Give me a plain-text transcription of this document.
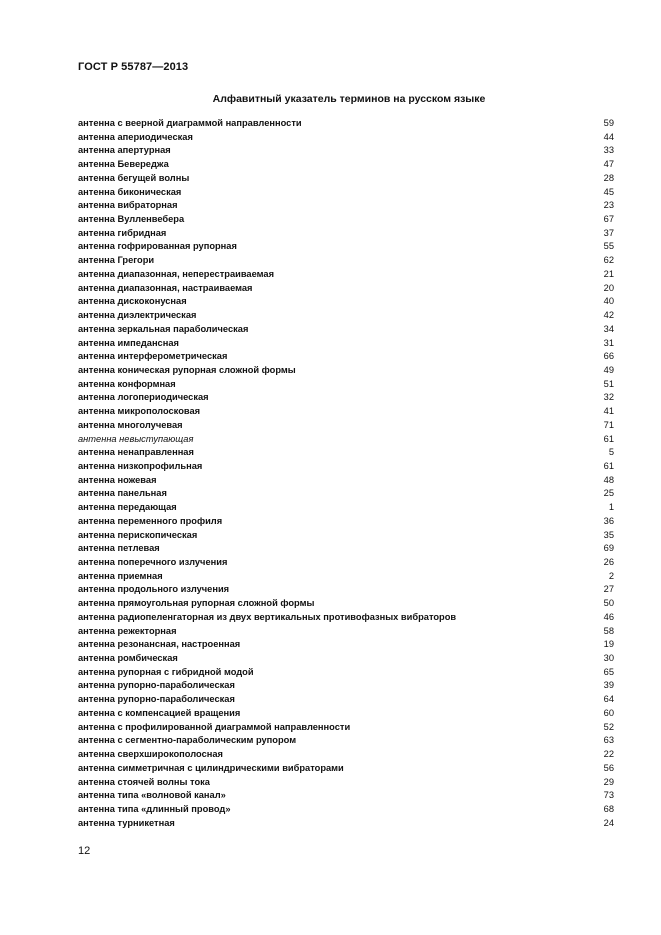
ГОСТ Р 55787—2013
Алфавитный указатель терминов на русском языке
антенна с веерной диаграммой направленности	59
антенна апериодическая	44
антенна апертурная	33
антенна Бевереджа	47
антенна бегущей волны	28
антенна биконическая	45
антенна вибраторная	23
антенна Вулленвебера	67
антенна гибридная	37
антенна гофрированная рупорная	55
антенна Грегори	62
антенна диапазонная, неперестраиваемая	21
антенна диапазонная, настраиваемая	20
антенна дискоконусная	40
антенна диэлектрическая	42
антенна зеркальная параболическая	34
антенна импедансная	31
антенна интерферометрическая	66
антенна коническая рупорная сложной формы	49
антенна конформная	51
антенна логопериодическая	32
антенна микрополосковая	41
антенна многолучевая	71
антенна невыступающая	61
антенна ненаправленная	5
антенна низкопрофильная	61
антенна ножевая	48
антенна панельная	25
антенна передающая	1
антенна переменного профиля	36
антенна перископическая	35
антенна петлевая	69
антенна поперечного излучения	26
антенна приемная	2
антенна продольного излучения	27
антенна прямоугольная рупорная сложной формы	50
антенна радиопеленгаторная из двух вертикальных противофазных вибраторов	46
антенна режекторная	58
антенна резонансная, настроенная	19
антенна ромбическая	30
антенна рупорная с гибридной модой	65
антенна рупорно-параболическая	39
антенна рупорно-параболическая	64
антенна с компенсацией вращения	60
антенна с профилированной диаграммой направленности	52
антенна с сегментно-параболическим рупором	63
антенна сверхширокополосная	22
антенна симметричная с цилиндрическими вибраторами	56
антенна стоячей волны тока	29
антенна типа «волновой канал»	73
антенна типа «длинный провод»	68
антенна турникетная	24
12
